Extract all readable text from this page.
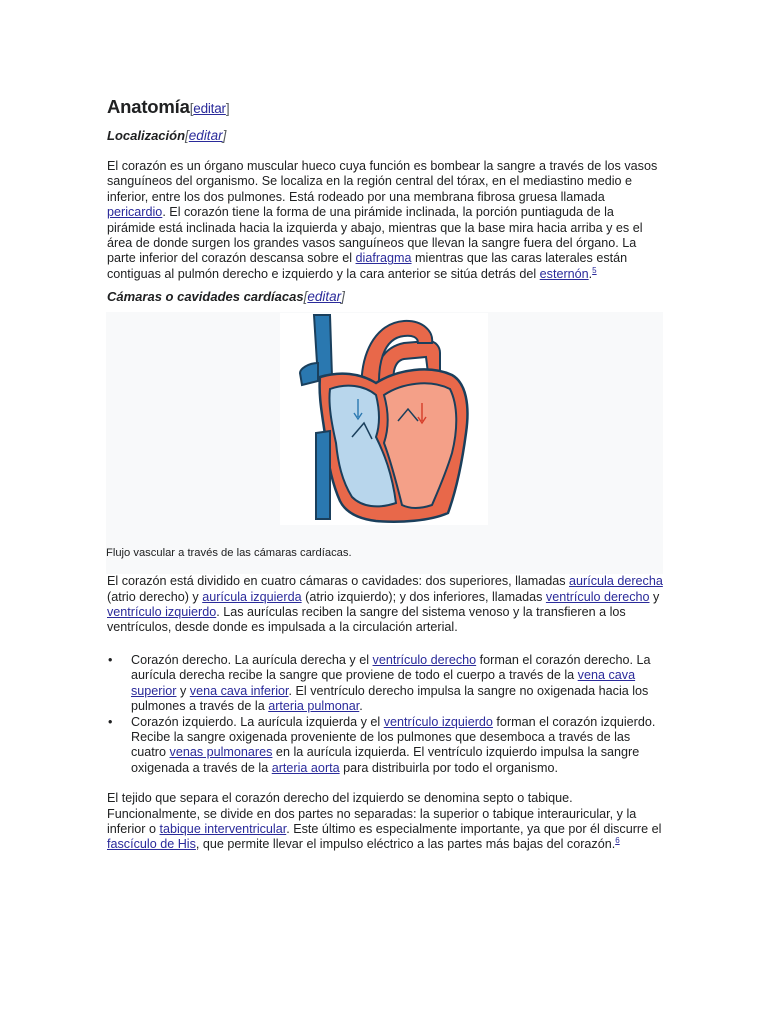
Anatomía[editar]
Localización[editar]

El corazón es un órgano muscular hueco cuya función es bombear la sangre a través de los vasos sanguíneos del organismo. Se localiza en la región central del tórax, en el mediastino medio e inferior, entre los dos pulmones. Está rodeado por una membrana fibrosa gruesa llamada pericardio. El corazón tiene la forma de una pirámide inclinada, la porción puntiaguda de la pirámide está inclinada hacia la izquierda y abajo, mientras que la base mira hacia arriba y es el área de donde surgen los grandes vasos sanguíneos que llevan la sangre fuera del órgano. La parte inferior del corazón descansa sobre el diafragma mientras que las caras laterales están contiguas al pulmón derecho e izquierdo y la cara anterior se sitúa detrás del esternón.$^5$

Cámaras o cavidades cardíacas[editar]
Flujo vascular a través de las cámaras cardíacas.

El corazón está dividido en cuatro cámaras o cavidades: dos superiores, llamadas aurícula derecha (atrio derecho) y aurícula izquierda (atrio izquierdo); y dos inferiores, llamadas ventrículo derecho y ventrículo izquierdo. Las aurículas reciben la sangre del sistema venoso y la transfieren a los ventrículos, desde donde es impulsada a la circulación arterial.

• Corazón derecho. La aurícula derecha y el ventrículo derecho forman el corazón derecho. La aurícula derecha recibe la sangre que proviene de todo el cuerpo a través de la vena cava superior y vena cava inferior. El ventrículo derecho impulsa la sangre no oxigenada hacia los pulmones a través de la arteria pulmonar.
• Corazón izquierdo. La aurícula izquierda y el ventrículo izquierdo forman el corazón izquierdo. Recibe la sangre oxigenada proveniente de los pulmones que desemboca a través de las cuatro venas pulmonares en la aurícula izquierda. El ventrículo izquierdo impulsa la sangre oxigenada a través de la arteria aorta para distribuirla por todo el organismo.

El tejido que separa el corazón derecho del izquierdo se denomina septo o tabique. Funcionalmente, se divide en dos partes no separadas: la superior o tabique interauricular, y la inferior o tabique interventricular. Este último es especialmente importante, ya que por él discurre el fascículo de His, que permite llevar el impulso eléctrico a las partes más bajas del corazón.$^6$
